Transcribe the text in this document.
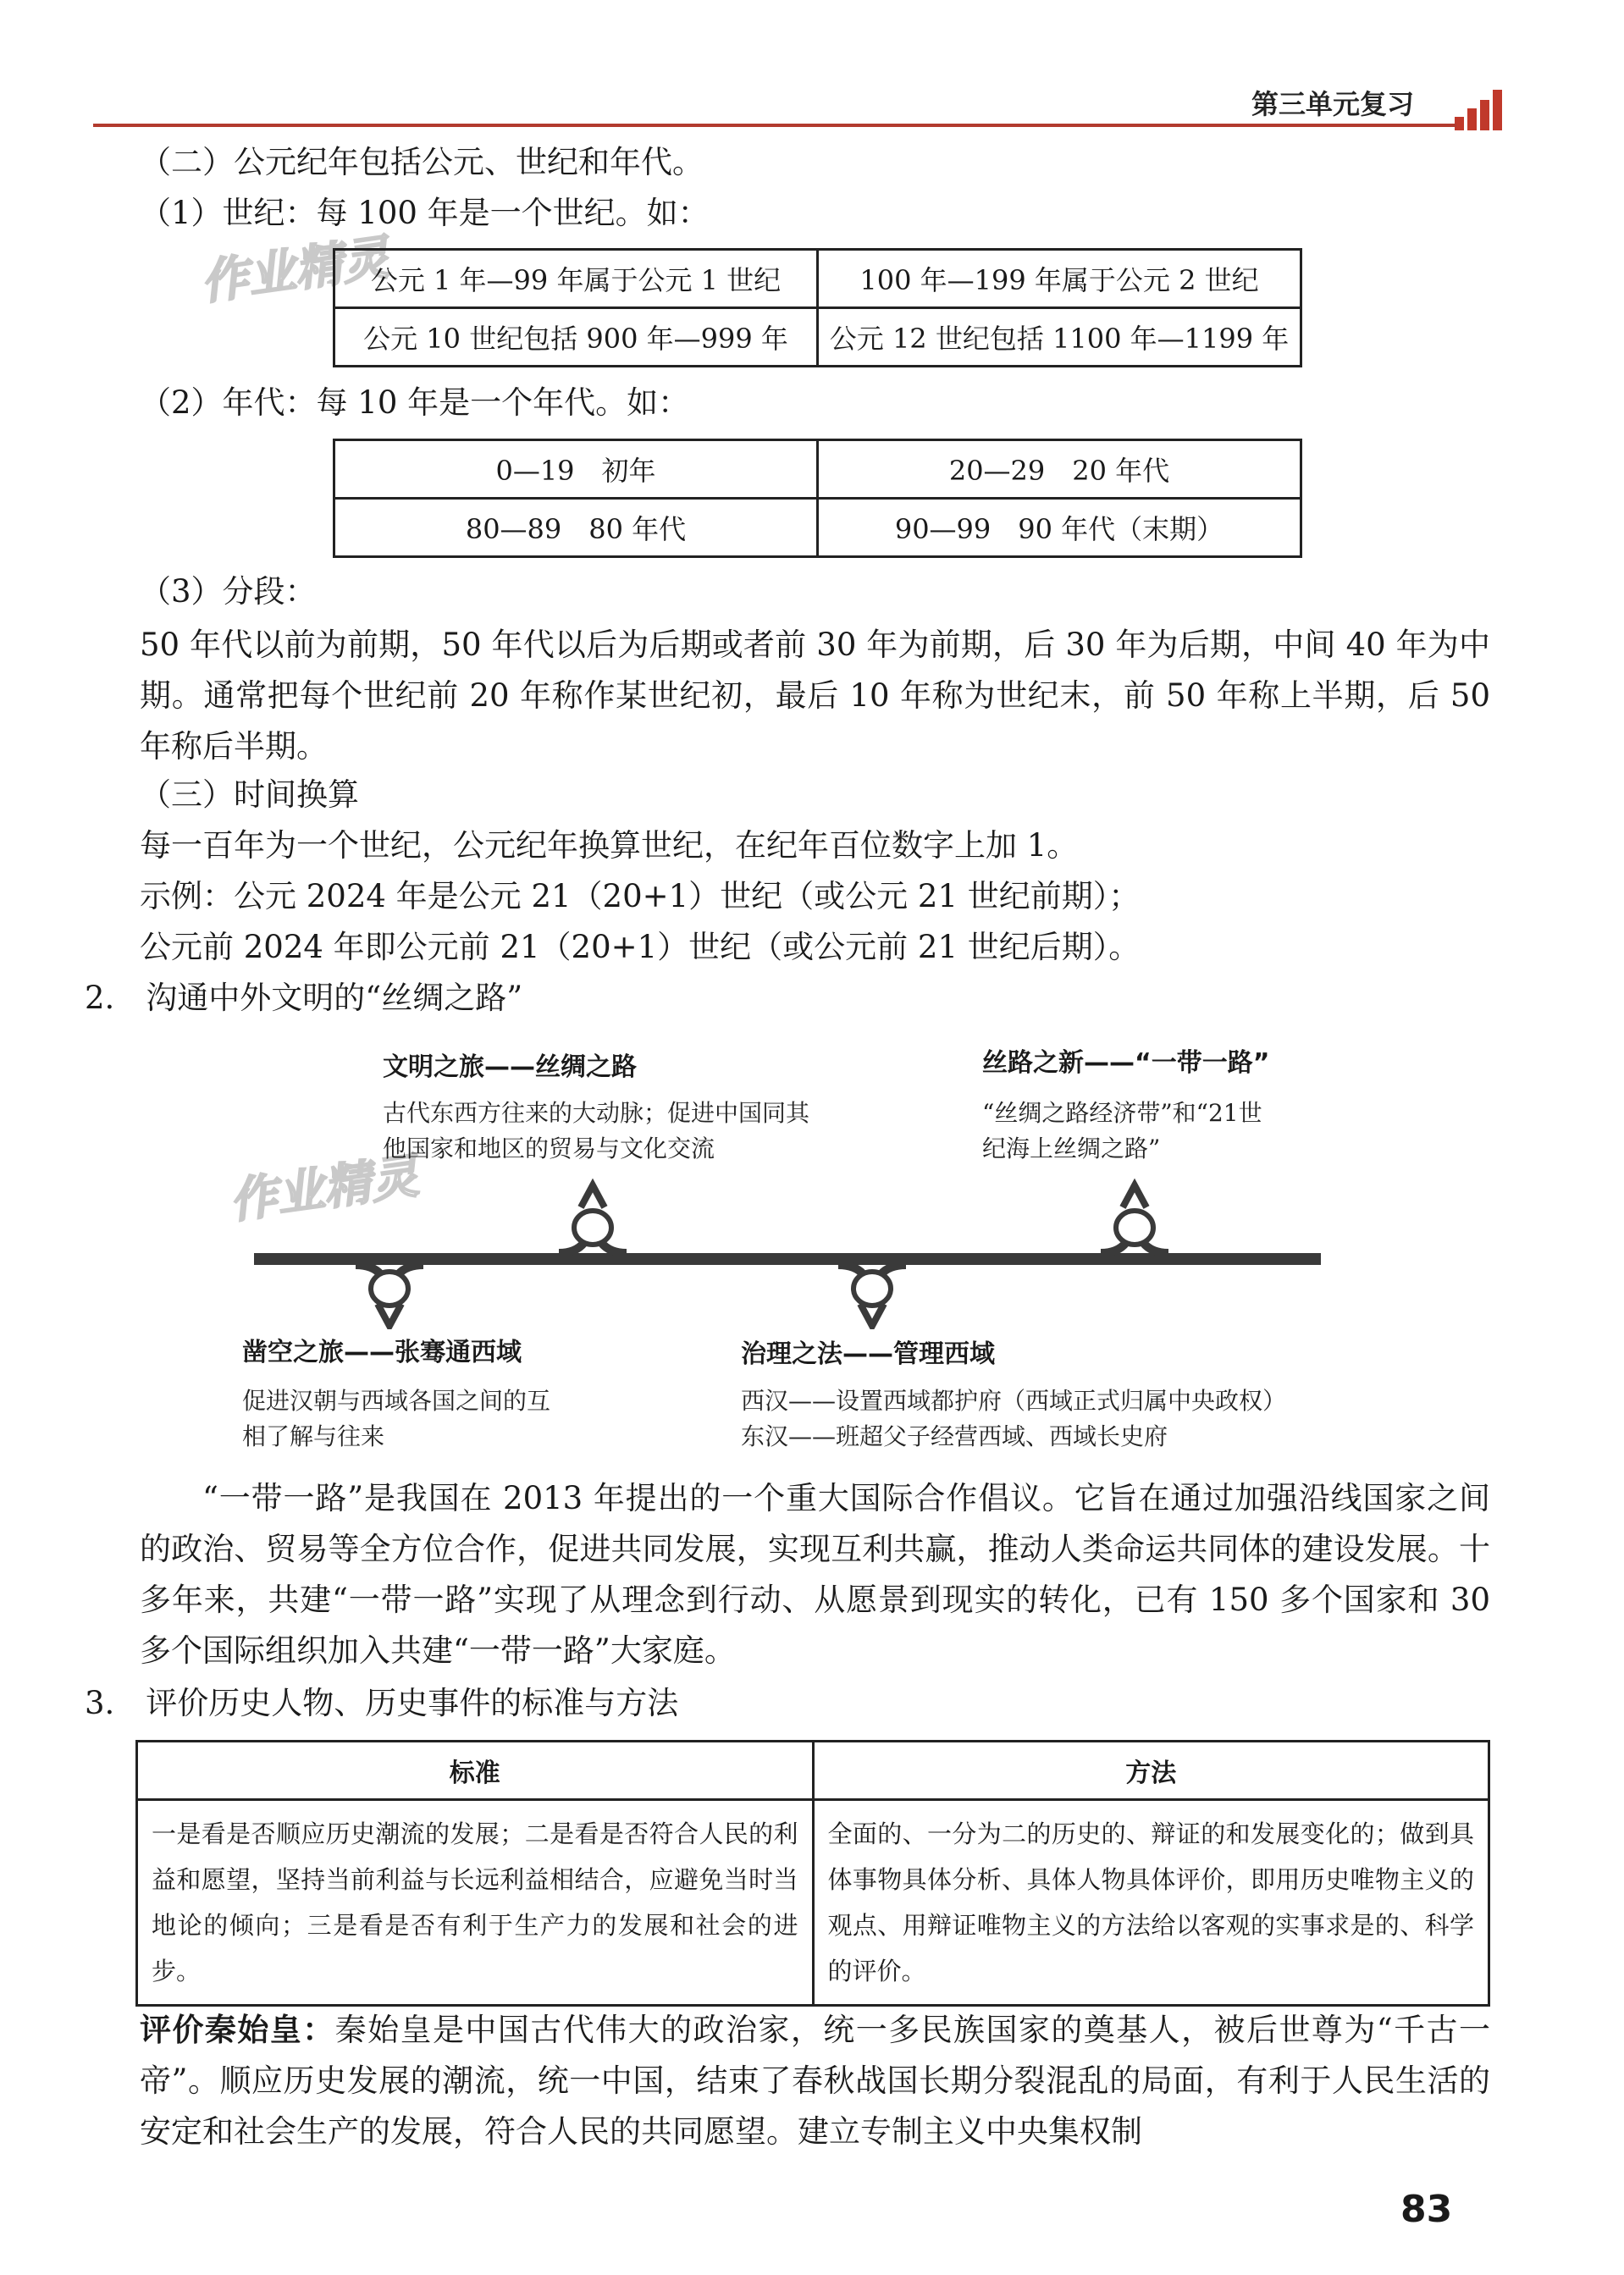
第三单元复习
作业精灵
作业精灵
（二）公元纪年包括公元、世纪和年代。
（1）世纪：每 100 年是一个世纪。如：
公元 1 年—99 年属于公元 1 世纪	100 年—199 年属于公元 2 世纪
公元 10 世纪包括 900 年—999 年	公元 12 世纪包括 1100 年—1199 年
（2）年代：每 10 年是一个年代。如：
0—19　初年	20—29　20 年代
80—89　80 年代	90—99　90 年代（末期）
（3）分段：
50 年代以前为前期，50 年代以后为后期或者前 30 年为前期，后 30 年为后期，中间 40 年为中期。通常把每个世纪前 20 年称作某世纪初，最后 10 年称为世纪末，前 50 年称上半期，后 50 年称后半期。
（三）时间换算
每一百年为一个世纪，公元纪年换算世纪，在纪年百位数字上加 1。
示例：公元 2024 年是公元 21（20+1）世纪（或公元 21 世纪前期）；
公元前 2024 年即公元前 21（20+1）世纪（或公元前 21 世纪后期）。
2.　沟通中外文明的“丝绸之路”
文明之旅——丝绸之路
古代东西方往来的大动脉；促进中国同其
他国家和地区的贸易与文化交流
丝路之新——“一带一路”
“丝绸之路经济带”和“21世
纪海上丝绸之路”
凿空之旅——张骞通西域
促进汉朝与西域各国之间的互
相了解与往来
治理之法——管理西域
西汉——设置西域都护府（西域正式归属中央政权）
东汉——班超父子经营西域、西域长史府
“一带一路”是我国在 2013 年提出的一个重大国际合作倡议。它旨在通过加强沿线国家之间的政治、贸易等全方位合作，促进共同发展，实现互利共赢，推动人类命运共同体的建设发展。十多年来，共建“一带一路”实现了从理念到行动、从愿景到现实的转化，已有 150 多个国家和 30 多个国际组织加入共建“一带一路”大家庭。
3.　评价历史人物、历史事件的标准与方法
标准	方法
一是看是否顺应历史潮流的发展；二是看是否符合人民的利益和愿望，坚持当前利益与长远利益相结合，应避免当时当地论的倾向；三是看是否有利于生产力的发展和社会的进步。	全面的、一分为二的历史的、辩证的和发展变化的；做到具体事物具体分析、具体人物具体评价，即用历史唯物主义的观点、用辩证唯物主义的方法给以客观的实事求是的、科学的评价。
评价秦始皇：秦始皇是中国古代伟大的政治家，统一多民族国家的奠基人，被后世尊为“千古一帝”。顺应历史发展的潮流，统一中国，结束了春秋战国长期分裂混乱的局面，有利于人民生活的安定和社会生产的发展，符合人民的共同愿望。建立专制主义中央集权制
83
